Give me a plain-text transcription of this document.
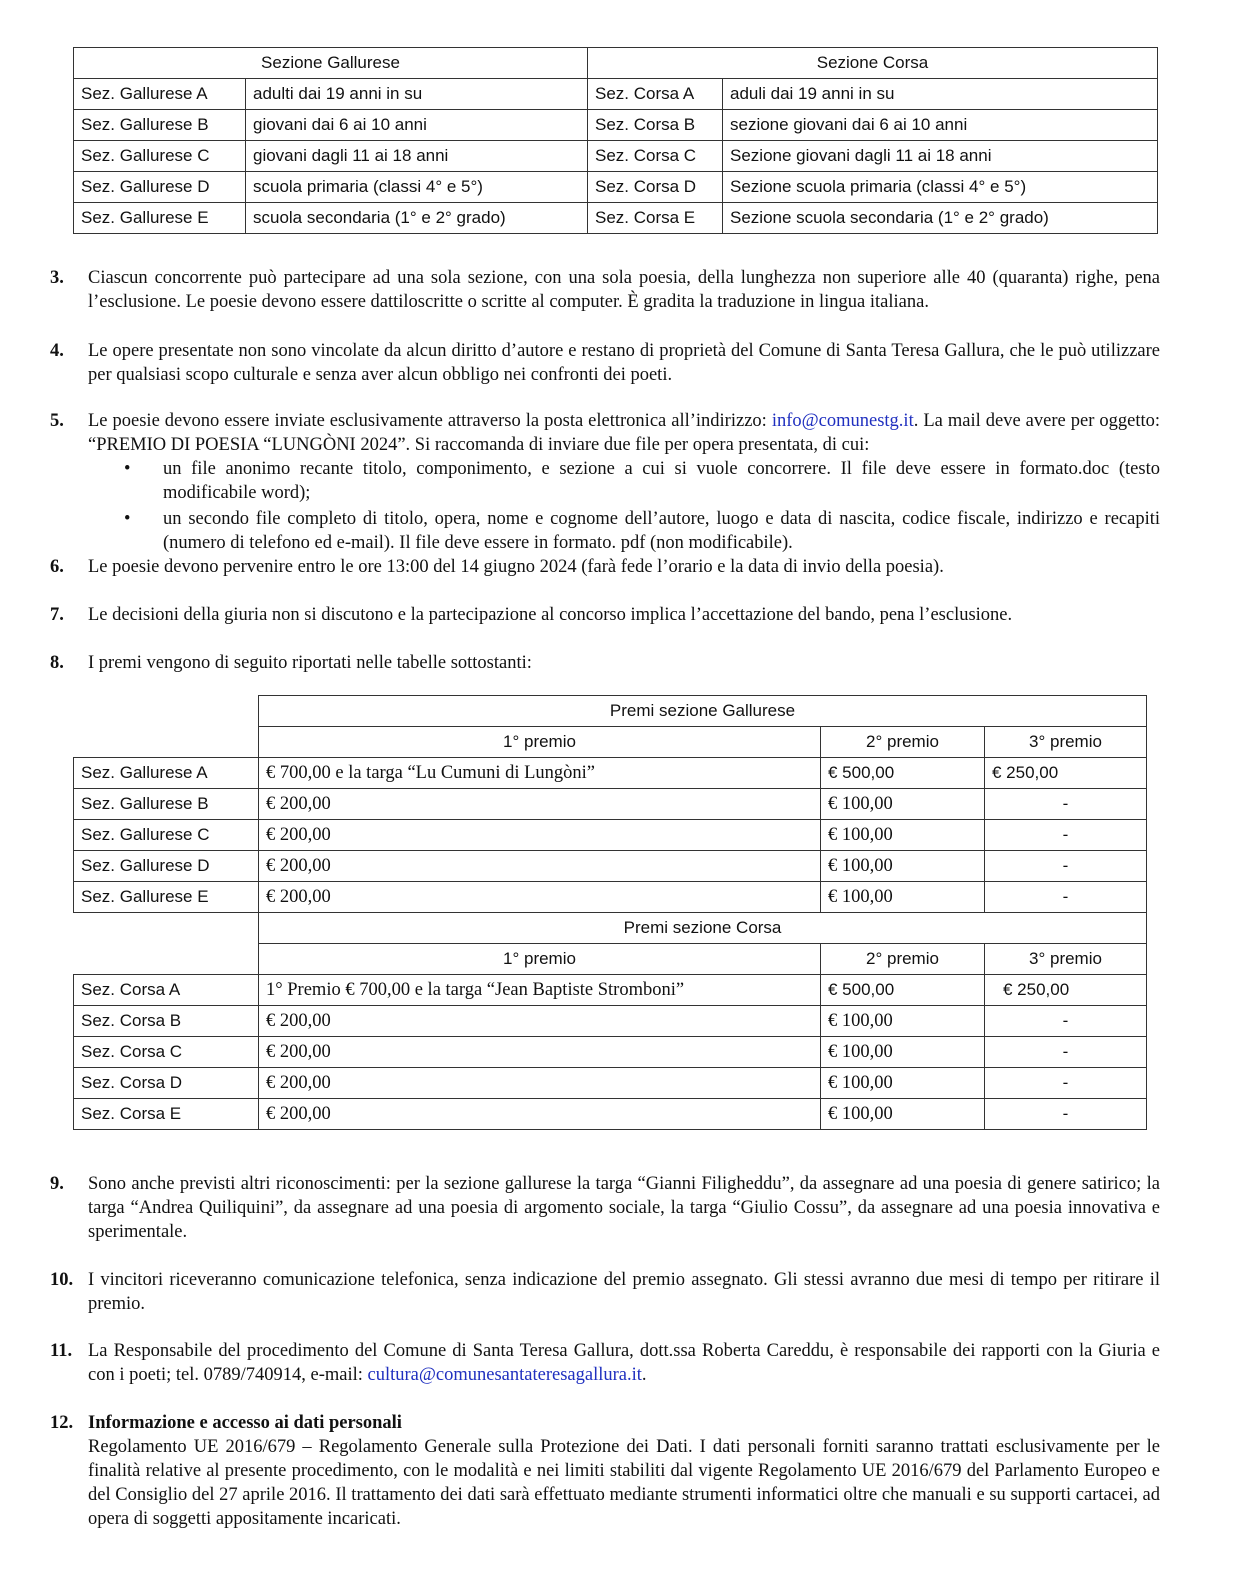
Sezione Gallurese		Sezione Corsa	
Sez. Gallurese A	adulti dai 19 anni in su	Sez. Corsa A	aduli dai 19 anni in su
Sez. Gallurese B	giovani dai 6 ai 10 anni	Sez. Corsa B	sezione giovani dai 6 ai 10 anni
Sez. Gallurese C	giovani dagli 11 ai 18 anni	Sez. Corsa C	Sezione giovani dagli 11 ai 18 anni
Sez. Gallurese D	scuola primaria (classi 4° e 5°)	Sez. Corsa D	Sezione scuola primaria (classi 4° e 5°)
Sez. Gallurese E	scuola secondaria (1° e 2° grado)	Sez. Corsa E	Sezione scuola secondaria (1° e 2° grado)
3.	Ciascun concorrente può partecipare ad una sola sezione, con una sola poesia, della lunghezza non superiore alle 40 (quaranta) righe, pena l’esclusione. Le poesie devono essere dattiloscritte o scritte al computer. È gradita la traduzione in lingua italiana.

4.	Le opere presentate non sono vincolate da alcun diritto d’autore e restano di proprietà del Comune di Santa Teresa Gallura, che le può utilizzare per qualsiasi scopo culturale e senza aver alcun obbligo nei confronti dei poeti.

5.	Le poesie devono essere inviate esclusivamente attraverso la posta elettronica all’indirizzo: info@comunestg.it. La mail deve avere per oggetto: “PREMIO DI POESIA “LUNGÒNI 2024”. Si raccomanda di inviare due file per opera presentata, di cui:

• un file anonimo recante titolo, componimento, e sezione a cui si vuole concorrere. Il file deve essere in formato.doc (testo modificabile word);
• un secondo file completo di titolo, opera, nome e cognome dell’autore, luogo e data di nascita, codice fiscale, indirizzo e recapiti (numero di telefono ed e-mail). Il file deve essere in formato. pdf (non modificabile).
6.	Le poesie devono pervenire entro le ore 13:00 del 14 giugno 2024 (farà fede l’orario e la data di invio della poesia).

7.	Le decisioni della giuria non si discutono e la partecipazione al concorso implica l’accettazione del bando, pena l’esclusione.

8.	I premi vengono di seguito riportati nelle tabelle sottostanti:

	Premi sezione Gallurese		
	1° premio	2° premio	3° premio
Sez. Gallurese A	€ 700,00 e la targa “Lu Cumuni di Lungòni”	€ 500,00	€ 250,00
Sez. Gallurese B	€ 200,00	€ 100,00	-
Sez. Gallurese C	€ 200,00	€ 100,00	-
Sez. Gallurese D	€ 200,00	€ 100,00	-
Sez. Gallurese E	€ 200,00	€ 100,00	-
	Premi sezione Corsa		
	1° premio	2° premio	3° premio
Sez. Corsa A	1° Premio € 700,00 e la targa “Jean Baptiste Stromboni”	€ 500,00	€ 250,00
Sez. Corsa B	€ 200,00	€ 100,00	-
Sez. Corsa C	€ 200,00	€ 100,00	-
Sez. Corsa D	€ 200,00	€ 100,00	-
Sez. Corsa E	€ 200,00	€ 100,00	-
9.	Sono anche previsti altri riconoscimenti: per la sezione gallurese la targa “Gianni Filigheddu”, da assegnare ad una poesia di genere satirico; la targa “Andrea Quiliquini”, da assegnare ad una poesia di argomento sociale, la targa “Giulio Cossu”, da assegnare ad una poesia innovativa e sperimentale.

10. I vincitori riceveranno comunicazione telefonica, senza indicazione del premio assegnato. Gli stessi avranno due mesi di tempo per ritirare il premio.

11. La Responsabile del procedimento del Comune di Santa Teresa Gallura, dott.ssa Roberta Careddu, è responsabile dei rapporti con la Giuria e con i poeti; tel. 0789/740914, e-mail: cultura@comunesantateresagallura.it.

12. Informazione e accesso ai dati personali

Regolamento UE 2016/679 – Regolamento Generale sulla Protezione dei Dati. I dati personali forniti saranno trattati esclusivamente per le finalità relative al presente procedimento, con le modalità e nei limiti stabiliti dal vigente Regolamento UE 2016/679 del Parlamento Europeo e del Consiglio del 27 aprile 2016. Il trattamento dei dati sarà effettuato mediante strumenti informatici oltre che manuali e su supporti cartacei, ad opera di soggetti appositamente incaricati.
